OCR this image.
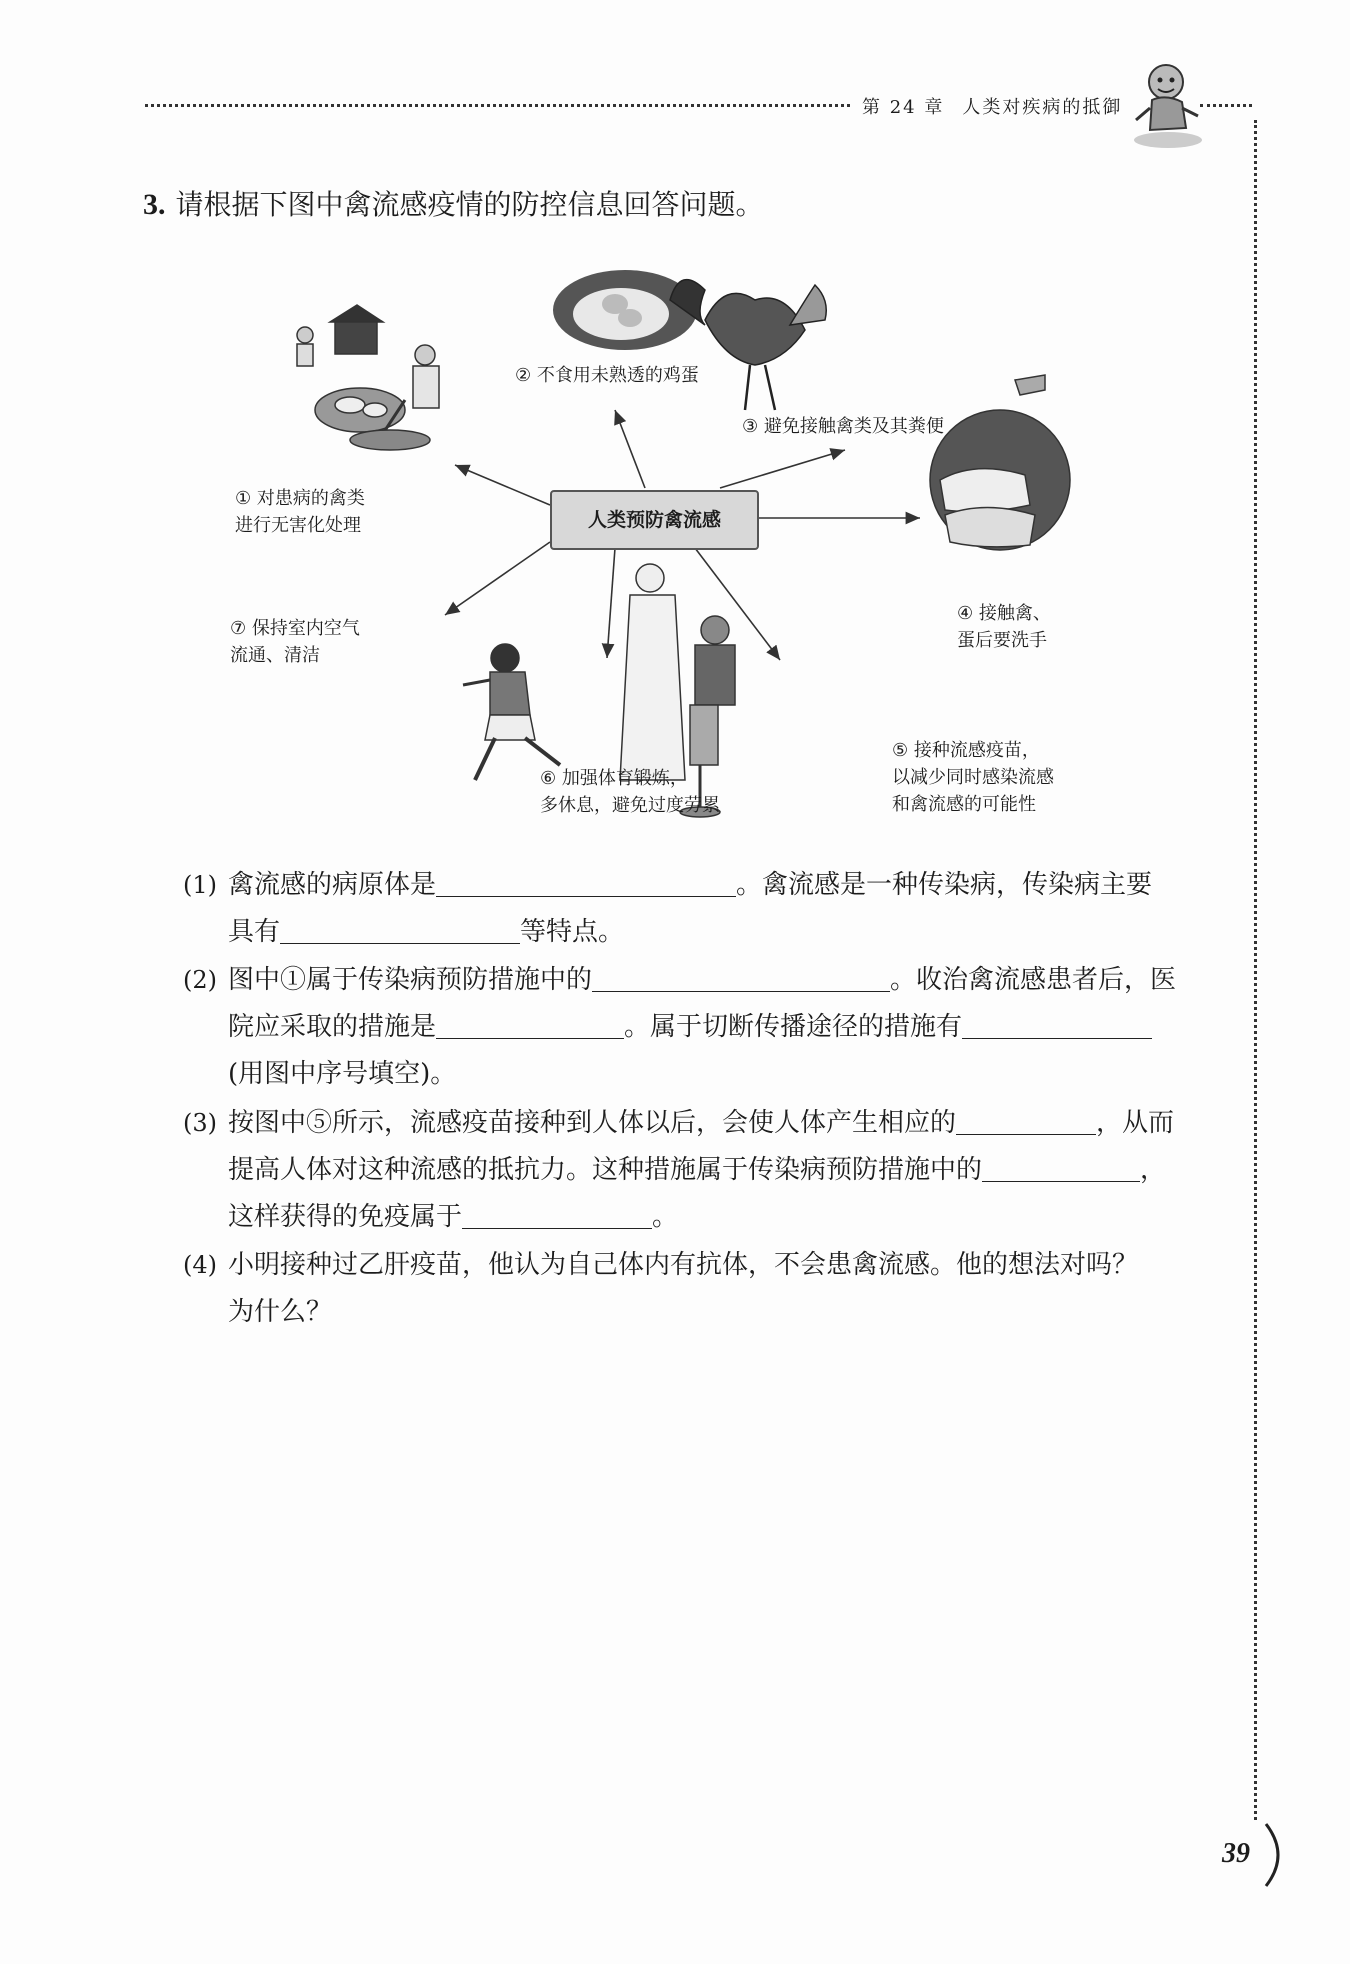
第 24 章 人类对疾病的抵御
3. 请根据下图中禽流感疫情的防控信息回答问题。
人类预防禽流感
① 对患病的禽类
进行无害化处理
② 不食用未熟透的鸡蛋
③ 避免接触禽类及其粪便
④ 接触禽、
蛋后要洗手
⑤ 接种流感疫苗，
以减少同时感染流感
和禽流感的可能性
⑥ 加强体育锻炼，
多休息，避免过度劳累
⑦ 保持室内空气
流通、清洁
(1) 禽流感的病原体是	。禽流感是一种传染病，传染病主要
具有	等特点。
(2) 图中①属于传染病预防措施中的	。收治禽流感患者后，医
院应采取的措施是	。属于切断传播途径的措施有
(用图中序号填空)。
(3) 按图中⑤所示，流感疫苗接种到人体以后，会使人体产生相应的	，从而
提高人体对这种流感的抵抗力。这种措施属于传染病预防措施中的	，
这样获得的免疫属于	。
(4) 小明接种过乙肝疫苗，他认为自己体内有抗体，不会患禽流感。他的想法对吗？
为什么？
39
